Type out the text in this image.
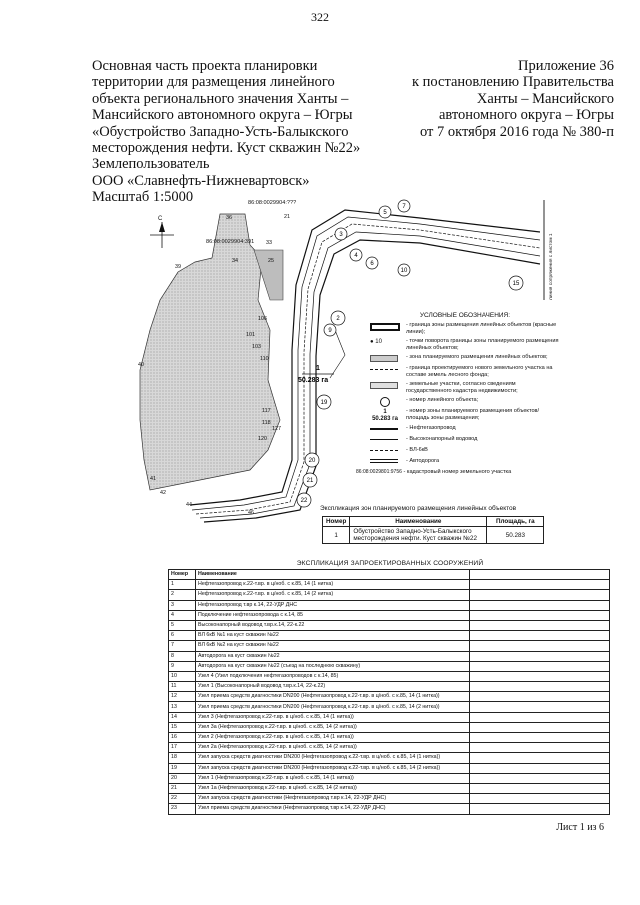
322
Основная часть проекта планировки
территории для размещения линейного
объекта регионального значения Ханты –
Мансийского автономного округа – Югры
«Обустройство Западно-Усть-Балыкского
месторождения нефти. Куст скважин №22»
Землепользователь
ООО «Славнефть-Нижневартовск»
Масштаб 1:5000
Приложение 36
к постановлению Правительства
Ханты – Мансийского
автономного округа – Югры
от 7 октября 2016 года № 380-п
С
линия сопряжения с листом 1
2
3
4
5
6
7
9
10
15
19
20
21
22
36
39
34
33
25
40
41
42
44
46
101
103
106
110
117
118
120
127
21
86:08:0029904:391
86:08:0029904:???
1
50.283 га
УСЛОВНЫЕ ОБОЗНАЧЕНИЯ:
- граница зоны размещения линейных объектов (красные линии);
● 10	- точки поворота границы зоны планируемого размещения линейных объектов;
- зона планируемого размещения линейных объектов;
- граница проектируемого нового земельного участка на составе земель лесного фонда;
- земельные участки, согласно сведениям государственного кадастра недвижимости;
- номер линейного объекта;
1
50.283 га
- номер зоны планируемого размещения объектов/площадь зоны размещения;
- Нефтегазопровод
- Высоконапорный водовод
- ВЛ-6кВ
- Автодорога
86:08:0029801:9756 - кадастровый номер земельного участка
Экспликация зон планируемого размещения линейных объектов
Номер	Наименование	Площадь, га
1	Обустройство Западно-Усть-Балыкского месторождения нефти. Куст скважин №22	50.283
ЭКСПЛИКАЦИЯ ЗАПРОЕКТИРОВАННЫХ СООРУЖЕНИЙ
Номер	Наименование	
1	Нефтегазопровод к.22-т.вр. в ц/ноб. с к.85, 14 (1 нитка)	
2	Нефтегазопровод к.22-т.вр. в ц/ноб. с к.85, 14 (2 нитка)	
3	Нефтегазопровод т.вр к.14, 22-УДР ДНС	
4	Подключение нефтегазопровода с к.14, 85	
5	Высоконапорный водовод т.вр.к.14, 22-к.22	
6	ВЛ 6кВ №1 на куст скважин №22	
7	ВЛ 6кВ №2 на куст скважин №22	
8	Автодорога на куст скважин №22	
9	Автодорога на куст скважин №22 (съезд на последнюю скважину)	
10	Узел 4 (Узел подключения нефтегазопроводов с к.14, 85)	
11	Узел 1 (Высоконапорный водовод т.вр.к.14, 22-к.22)	
12	Узел приема средств диагностики DN200 (Нефтегазопровод к.22-т.вр. в ц/ноб. с к.85, 14 (1 нитка))	
13	Узел приема средств диагностики DN200 (Нефтегазопровод к.22-т.вр. в ц/ноб. с к.85, 14 (2 нитка))	
14	Узел 3 (Нефтегазопровод к.22-т.вр. в ц/ноб. с к.85, 14 (1 нитка))	
15	Узел 3а (Нефтегазопровод к.22-т.вр. в ц/ноб. с к.85, 14 (2 нитка))	
16	Узел 2 (Нефтегазопровод к.22-т.вр. в ц/ноб. с к.85, 14 (1 нитка))	
17	Узел 2а (Нефтегазопровод к.22-т.вр. в ц/ноб. с к.85, 14 (2 нитка))	
18	Узел запуска средств диагностики DN200 (Нефтегазопровод к.22-т.вр. в ц/ноб. с к.85, 14 (1 нитка))	
19	Узел запуска средств диагностики DN200 (Нефтегазопровод к.22-т.вр. в ц/ноб. с к.85, 14 (2 нитка))	
20	Узел 1 (Нефтегазопровод к.22-т.вр. в ц/ноб. с к.85, 14 (1 нитка))	
21	Узел 1а (Нефтегазопровод к.22-т.вр. в ц/ноб. с к.85, 14 (2 нитка))	
22	Узел запуска средств диагностики (Нефтегазопровод т.вр к.14, 22-УДР ДНС)	
23	Узел приема средств диагностики (Нефтегазопровод т.вр к.14, 22-УДР ДНС)	
Лист 1 из 6
